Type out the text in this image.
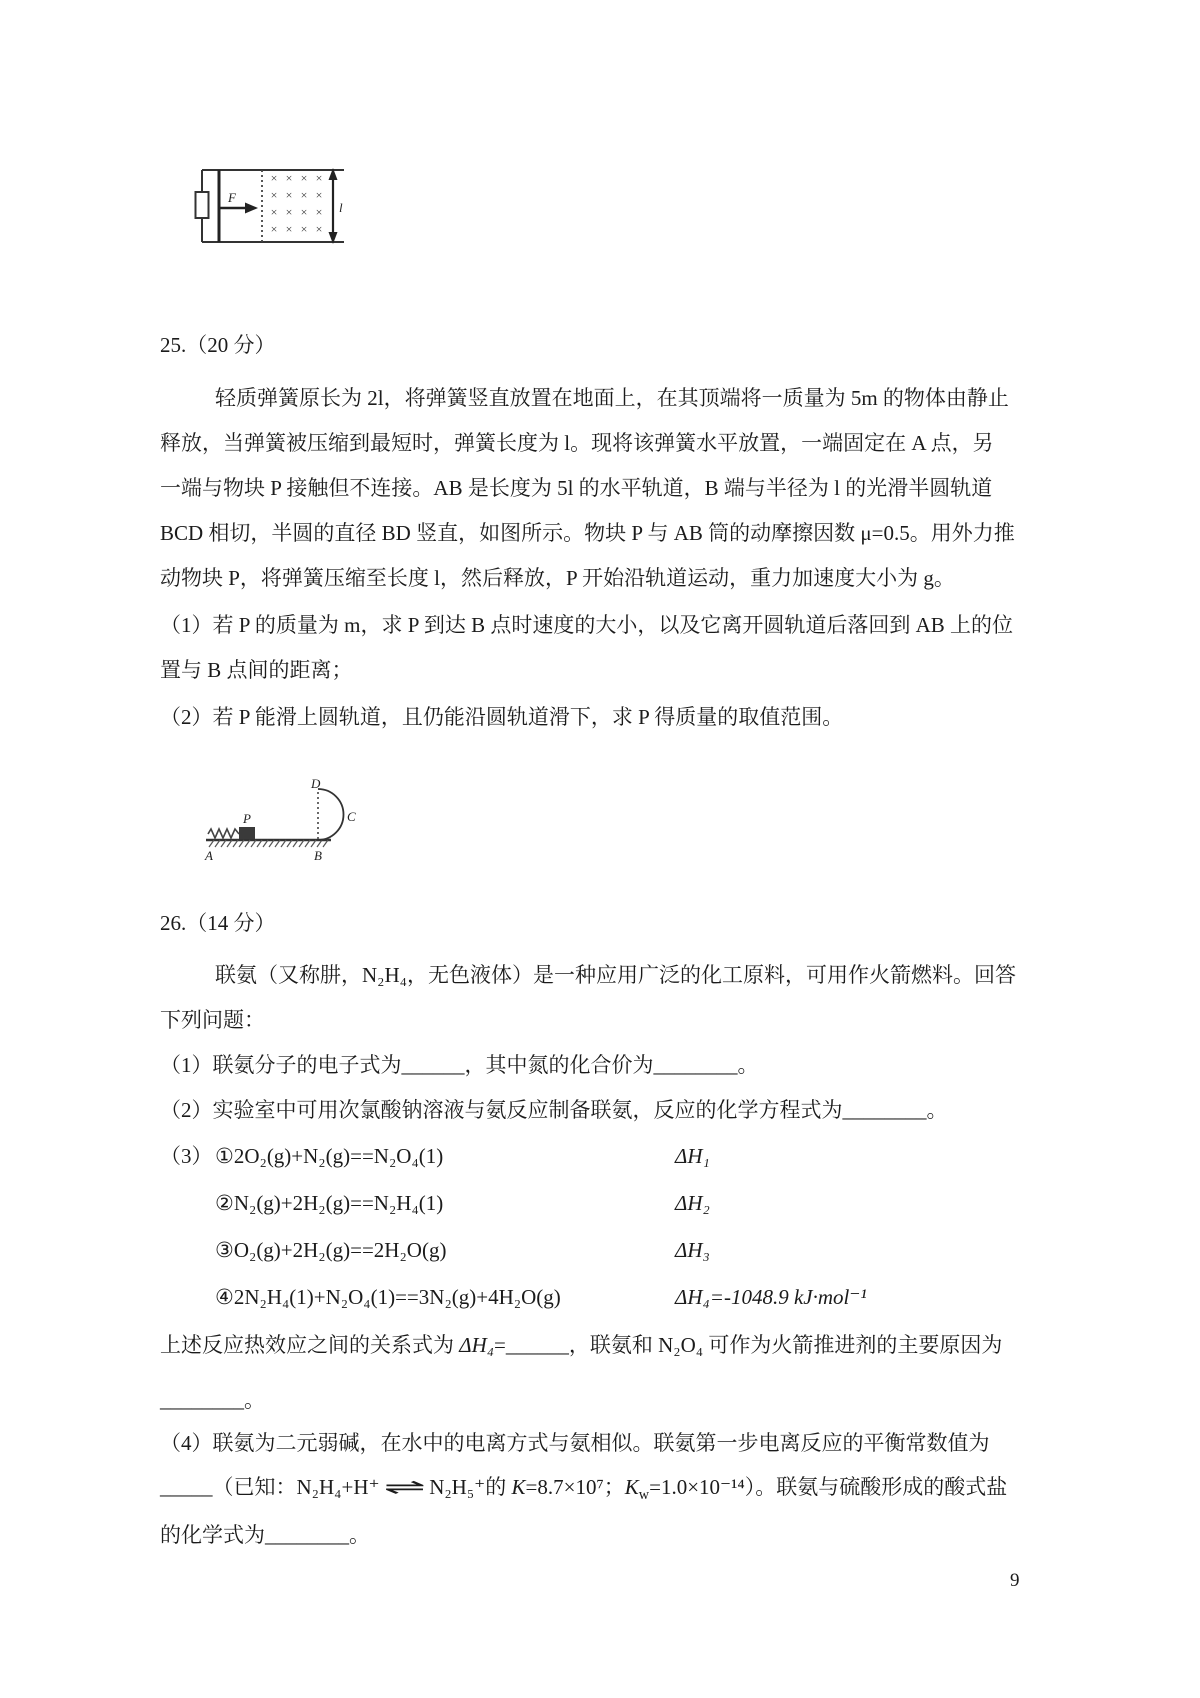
F
× × × ×
× × × ×
× × × ×
× × × ×
l
25.（20 分）
轻质弹簧原长为 2l，将弹簧竖直放置在地面上，在其顶端将一质量为 5m 的物体由静止
释放，当弹簧被压缩到最短时，弹簧长度为 l。现将该弹簧水平放置，一端固定在 A 点，另
一端与物块 P 接触但不连接。AB 是长度为 5l 的水平轨道，B 端与半径为 l 的光滑半圆轨道
BCD 相切，半圆的直径 BD 竖直，如图所示。物块 P 与 AB 筒的动摩擦因数 μ=0.5。用外力推
动物块 P，将弹簧压缩至长度 l，然后释放，P 开始沿轨道运动，重力加速度大小为 g。
（1）若 P 的质量为 m，求 P 到达 B 点时速度的大小，以及它离开圆轨道后落回到 AB 上的位
置与 B 点间的距离；
（2）若 P 能滑上圆轨道，且仍能沿圆轨道滑下，求 P 得质量的取值范围。
P
D
C
A	B
26.（14 分）
联氨（又称肼，N₂H₄，无色液体）是一种应用广泛的化工原料，可用作火箭燃料。回答
下列问题：
（1）联氨分子的电子式为______，其中氮的化合价为________。
（2）实验室中可用次氯酸钠溶液与氨反应制备联氨，反应的化学方程式为________。
（3） ①2O₂(g)+N₂(g)==N₂O₄(1)	ΔH₁
②N₂(g)+2H₂(g)==N₂H₄(1)	ΔH₂
③O₂(g)+2H₂(g)==2H₂O(g)	ΔH₃
④2N₂H₄(1)+N₂O₄(1)==3N₂(g)+4H₂O(g)	ΔH₄=-1048.9 kJ·mol⁻¹
上述反应热效应之间的关系式为 ΔH₄=______，联氨和 N₂O₄ 可作为火箭推进剂的主要原因为
________。
（4）联氨为二元弱碱，在水中的电离方式与氨相似。联氨第一步电离反应的平衡常数值为
_____（已知：N₂H₄+H⁺ ⇌ N₂H₅⁺的 K=8.7×10⁷；$K_w=1.0\times 10^{-14}$）。联氨与硫酸形成的酸式盐
的化学式为________。
9
